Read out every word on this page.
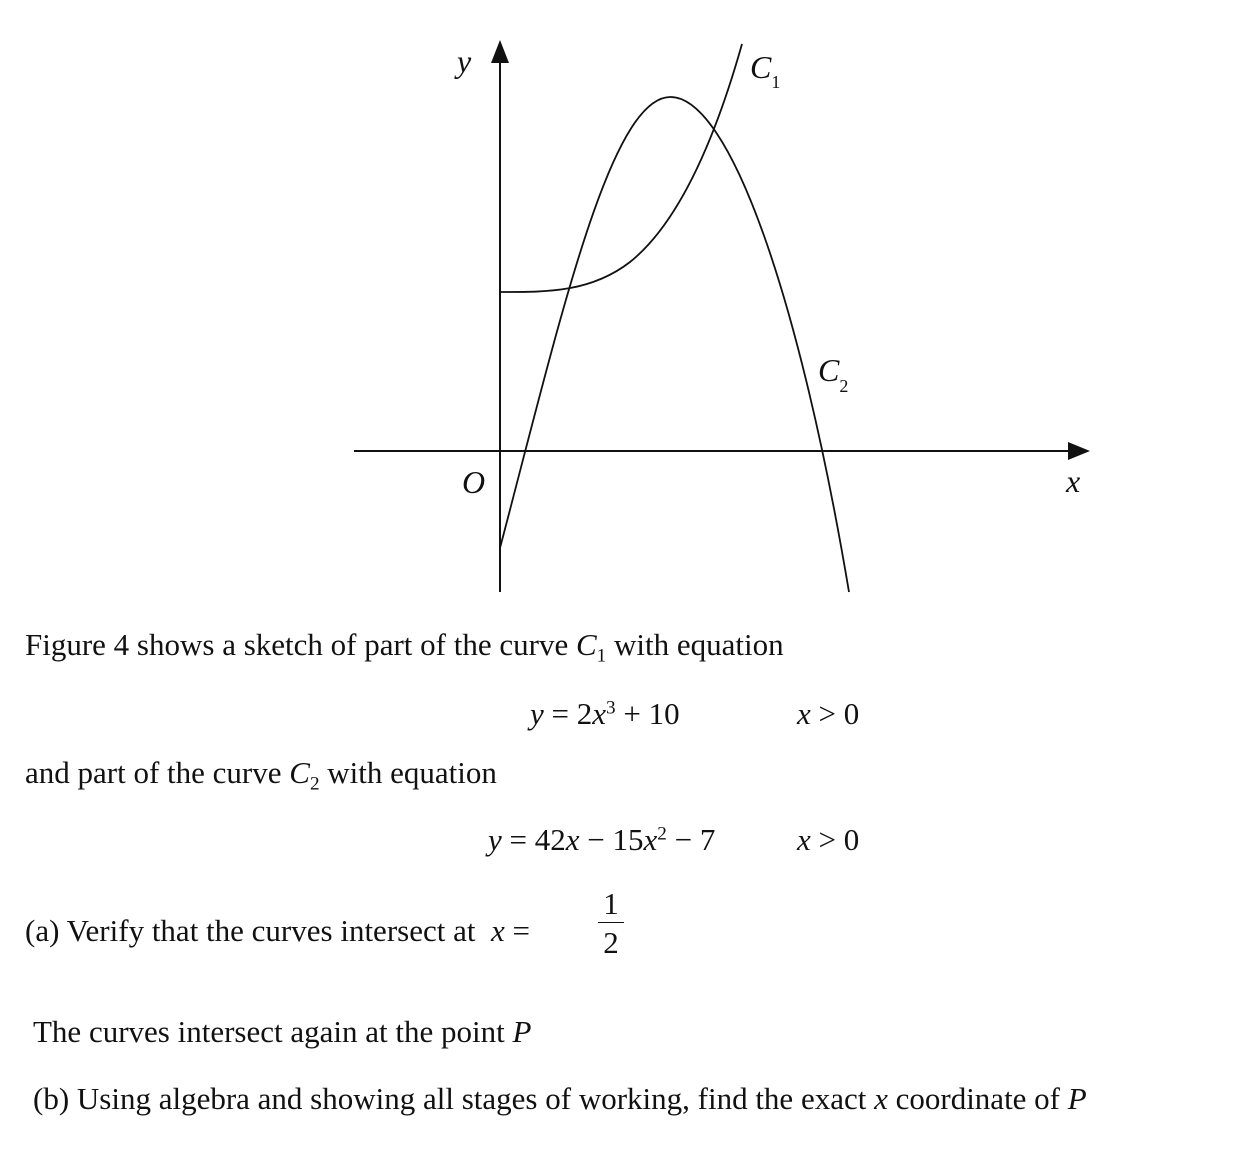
y
x
O
$C_1$
$C_2$
Figure 4 shows a sketch of part of the curve $C_1$ with equation
$y = 2x^3 + 10$	x > 0
and part of the curve $C_2$ with equation
$y = 42x - 15x^2 - 7$	x > 0
(a) Verify that the curves intersect at x =
1
2
The curves intersect again at the point P
(b) Using algebra and showing all stages of working, find the exact x coordinate of P
